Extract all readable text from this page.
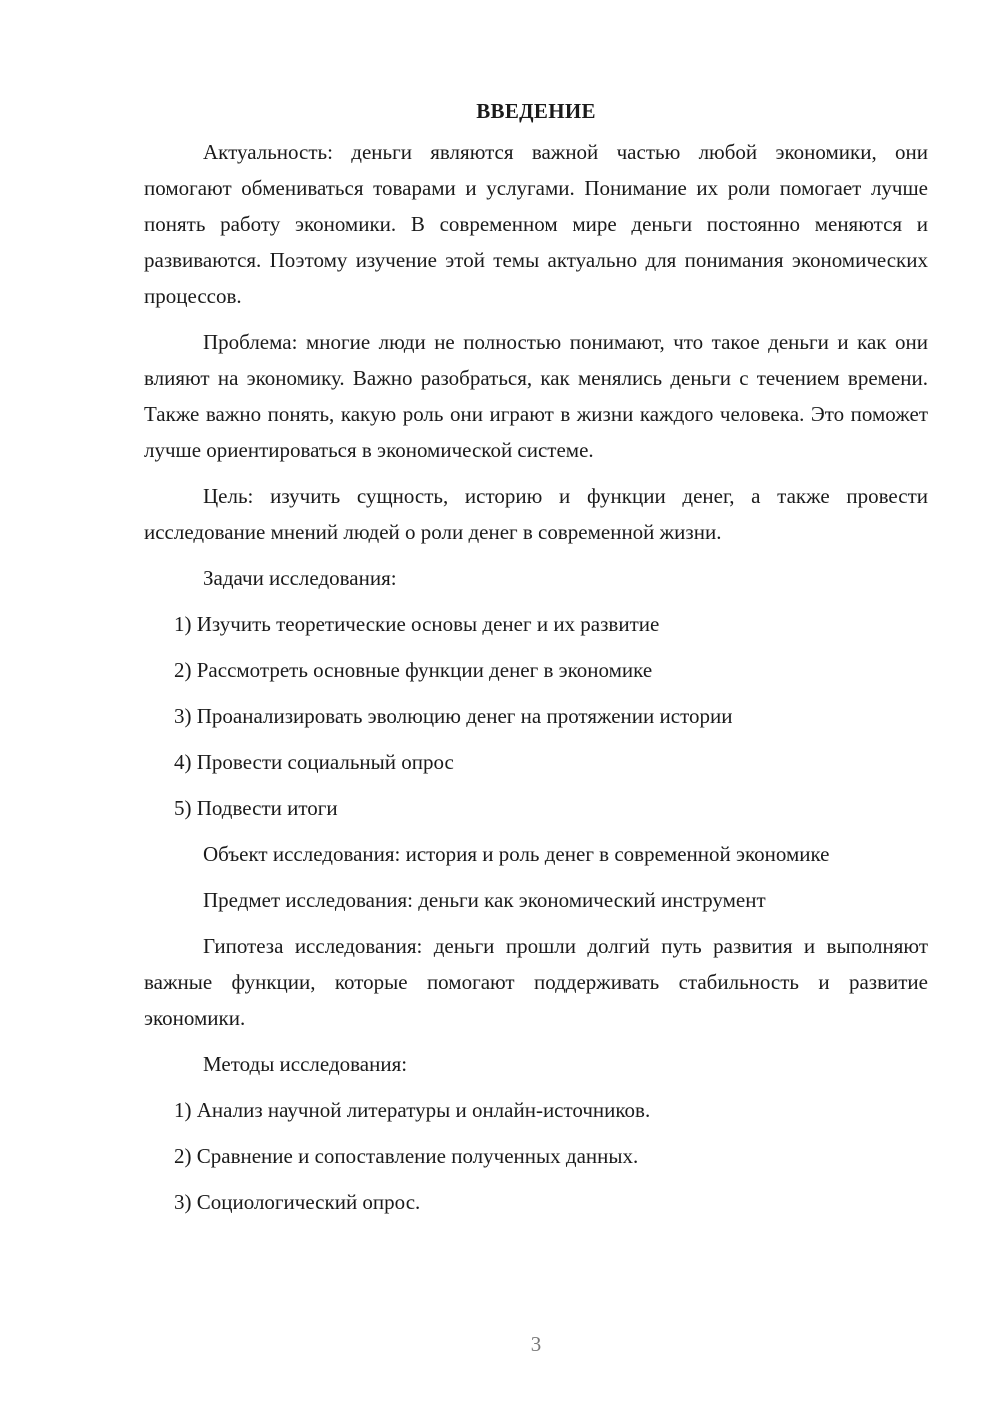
ВВЕДЕНИЕ

Актуальность: деньги являются важной частью любой экономики, они помогают обмениваться товарами и услугами. Понимание их роли помогает лучше понять работу экономики. В современном мире деньги постоянно меняются и развиваются. Поэтому изучение этой темы актуально для понимания экономических процессов.

Проблема: многие люди не полностью понимают, что такое деньги и как они влияют на экономику. Важно разобраться, как менялись деньги с течением времени. Также важно понять, какую роль они играют в жизни каждого человека. Это поможет лучше ориентироваться в экономической системе.

Цель: изучить сущность, историю и функции денег, а также провести исследование мнений людей о роли денег в современной жизни.

Задачи исследования:

1) Изучить теоретические основы денег и их развитие

2) Рассмотреть основные функции денег в экономике

3) Проанализировать эволюцию денег на протяжении истории

4) Провести социальный опрос

5) Подвести итоги

Объект исследования: история и роль денег в современной экономике

Предмет исследования: деньги как экономический инструмент

Гипотеза исследования: деньги прошли долгий путь развития и выполняют важные функции, которые помогают поддерживать стабильность и развитие экономики.

Методы исследования:

1) Анализ научной литературы и онлайн-источников.

2) Сравнение и сопоставление полученных данных.

3) Социологический опрос.

3
